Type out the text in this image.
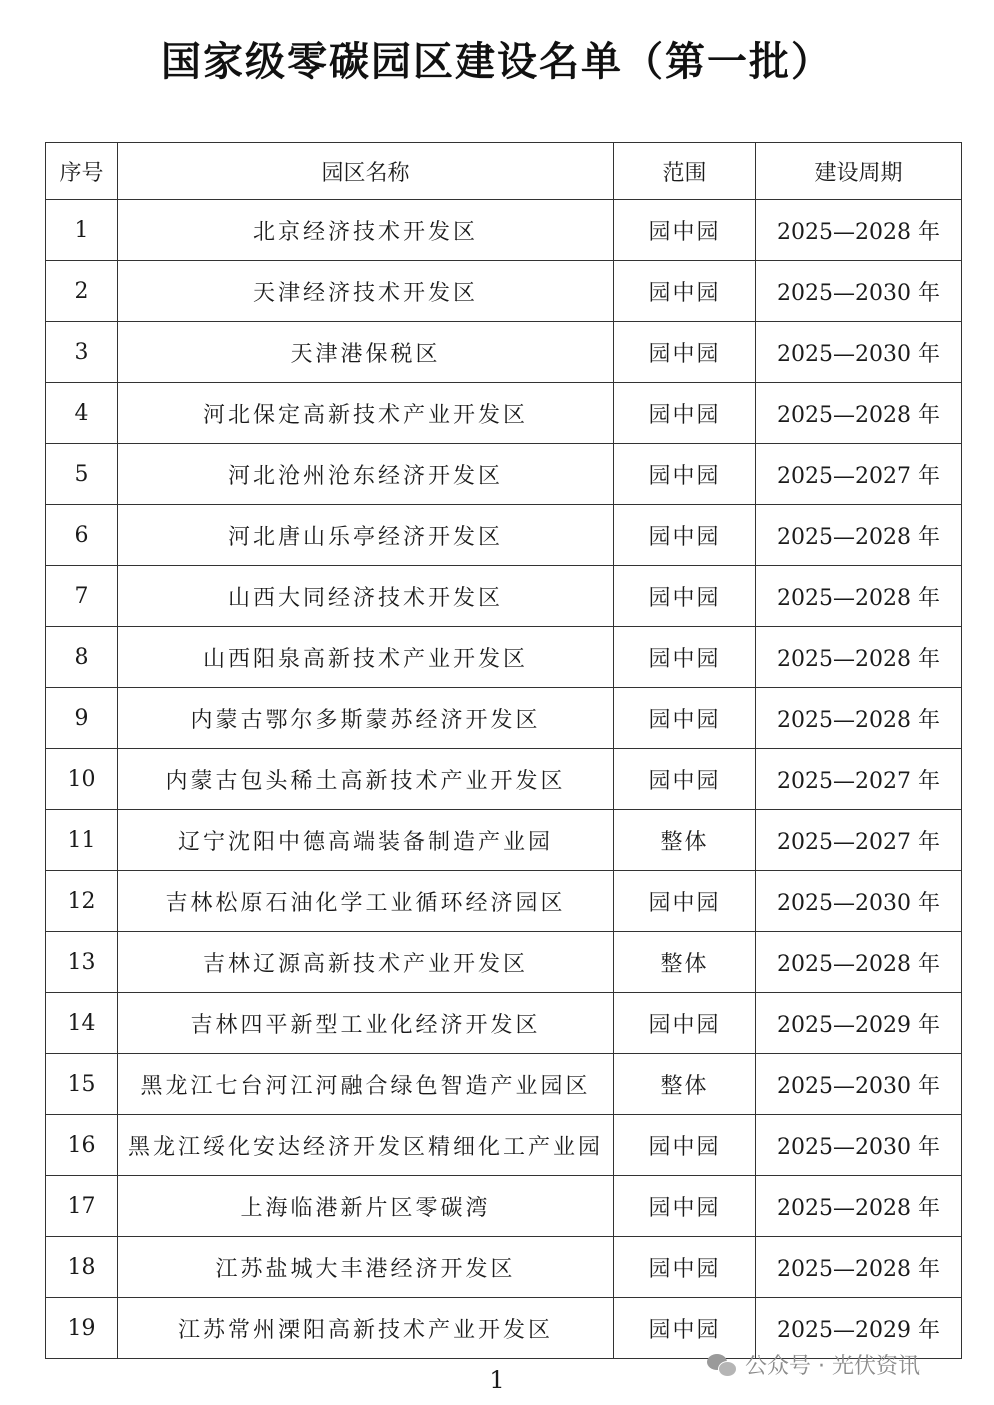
国家级零碳园区建设名单（第一批）
序号	园区名称	范围	建设周期
1	北京经济技术开发区	园中园	2025—2028 年
2	天津经济技术开发区	园中园	2025—2030 年
3	天津港保税区	园中园	2025—2030 年
4	河北保定高新技术产业开发区	园中园	2025—2028 年
5	河北沧州沧东经济开发区	园中园	2025—2027 年
6	河北唐山乐亭经济开发区	园中园	2025—2028 年
7	山西大同经济技术开发区	园中园	2025—2028 年
8	山西阳泉高新技术产业开发区	园中园	2025—2028 年
9	内蒙古鄂尔多斯蒙苏经济开发区	园中园	2025—2028 年
10	内蒙古包头稀土高新技术产业开发区	园中园	2025—2027 年
11	辽宁沈阳中德高端装备制造产业园	整体	2025—2027 年
12	吉林松原石油化学工业循环经济园区	园中园	2025—2030 年
13	吉林辽源高新技术产业开发区	整体	2025—2028 年
14	吉林四平新型工业化经济开发区	园中园	2025—2029 年
15	黑龙江七台河江河融合绿色智造产业园区	整体	2025—2030 年
16	黑龙江绥化安达经济开发区精细化工产业园	园中园	2025—2030 年
17	上海临港新片区零碳湾	园中园	2025—2028 年
18	江苏盐城大丰港经济开发区	园中园	2025—2028 年
19	江苏常州溧阳高新技术产业开发区	园中园	2025—2029 年
1	公众号 · 光伏资讯
